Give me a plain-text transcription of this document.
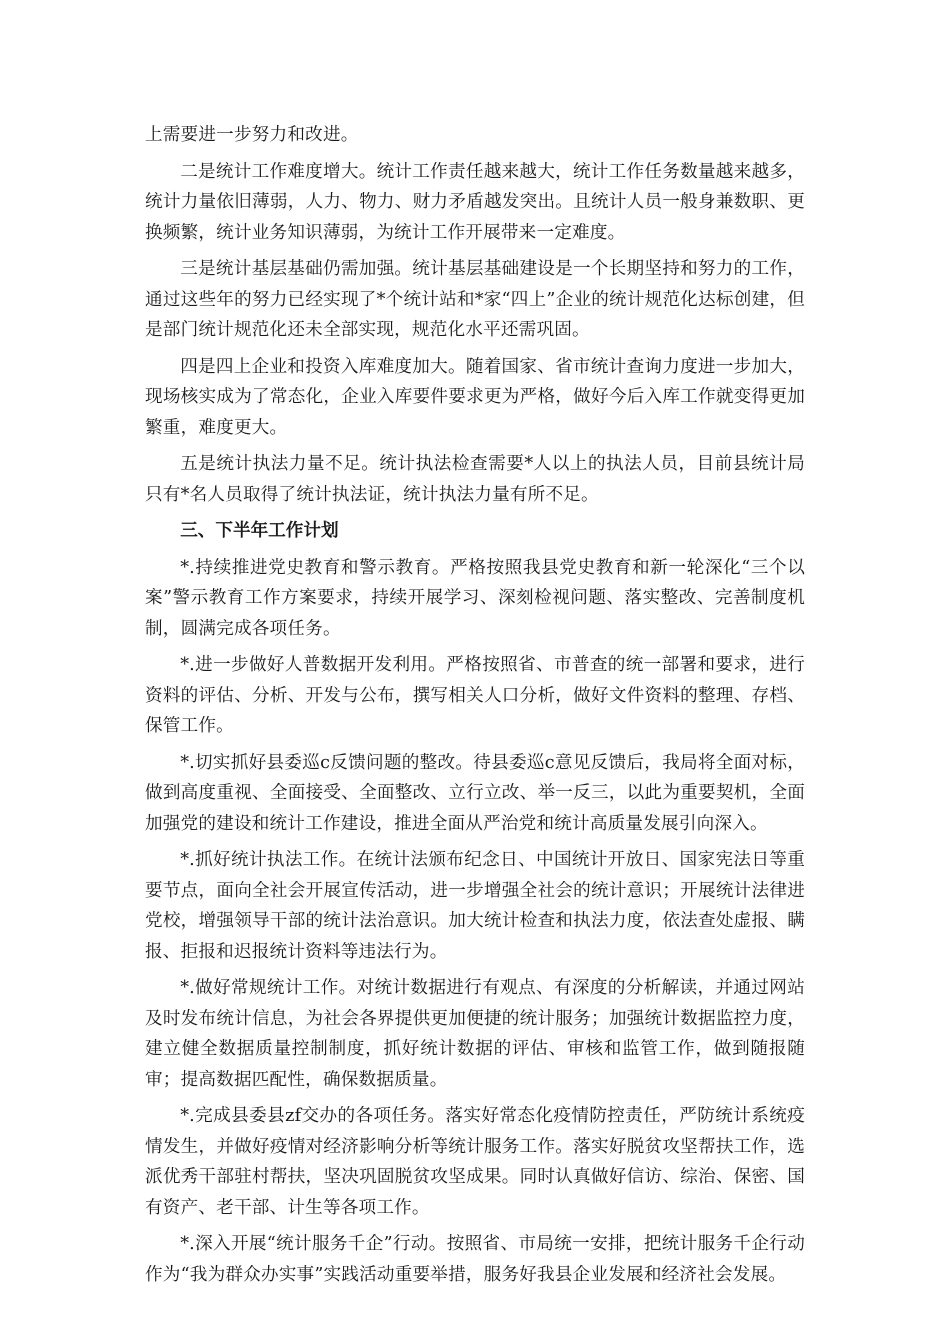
上需要进一步努力和改进。

二是统计工作难度增大。统计工作责任越来越大，统计工作任务数量越来越多，统计力量依旧薄弱，人力、物力、财力矛盾越发突出。且统计人员一般身兼数职、更换频繁，统计业务知识薄弱，为统计工作开展带来一定难度。

三是统计基层基础仍需加强。统计基层基础建设是一个长期坚持和努力的工作，通过这些年的努力已经实现了*个统计站和*家“四上”企业的统计规范化达标创建，但是部门统计规范化还未全部实现，规范化水平还需巩固。

四是四上企业和投资入库难度加大。随着国家、省市统计查询力度进一步加大，现场核实成为了常态化，企业入库要件要求更为严格，做好今后入库工作就变得更加繁重，难度更大。

五是统计执法力量不足。统计执法检查需要*人以上的执法人员，目前县统计局只有*名人员取得了统计执法证，统计执法力量有所不足。

三、下半年工作计划

*.持续推进党史教育和警示教育。严格按照我县党史教育和新一轮深化“三个以案”警示教育工作方案要求，持续开展学习、深刻检视问题、落实整改、完善制度机制，圆满完成各项任务。

*.进一步做好人普数据开发利用。严格按照省、市普查的统一部署和要求，进行资料的评估、分析、开发与公布，撰写相关人口分析，做好文件资料的整理、存档、保管工作。

*.切实抓好县委巡c反馈问题的整改。待县委巡c意见反馈后，我局将全面对标，做到高度重视、全面接受、全面整改、立行立改、举一反三，以此为重要契机，全面加强党的建设和统计工作建设，推进全面从严治党和统计高质量发展引向深入。

*.抓好统计执法工作。在统计法颁布纪念日、中国统计开放日、国家宪法日等重要节点，面向全社会开展宣传活动，进一步增强全社会的统计意识；开展统计法律进党校，增强领导干部的统计法治意识。加大统计检查和执法力度，依法查处虚报、瞒报、拒报和迟报统计资料等违法行为。

*.做好常规统计工作。对统计数据进行有观点、有深度的分析解读，并通过网站及时发布统计信息，为社会各界提供更加便捷的统计服务；加强统计数据监控力度，建立健全数据质量控制制度，抓好统计数据的评估、审核和监管工作，做到随报随审；提高数据匹配性，确保数据质量。

*.完成县委县zf交办的各项任务。落实好常态化疫情防控责任，严防统计系统疫情发生，并做好疫情对经济影响分析等统计服务工作。落实好脱贫攻坚帮扶工作，选派优秀干部驻村帮扶，坚决巩固脱贫攻坚成果。同时认真做好信访、综治、保密、国有资产、老干部、计生等各项工作。

*.深入开展“统计服务千企”行动。按照省、市局统一安排，把统计服务千企行动作为“我为群众办实事”实践活动重要举措，服务好我县企业发展和经济社会发展。
